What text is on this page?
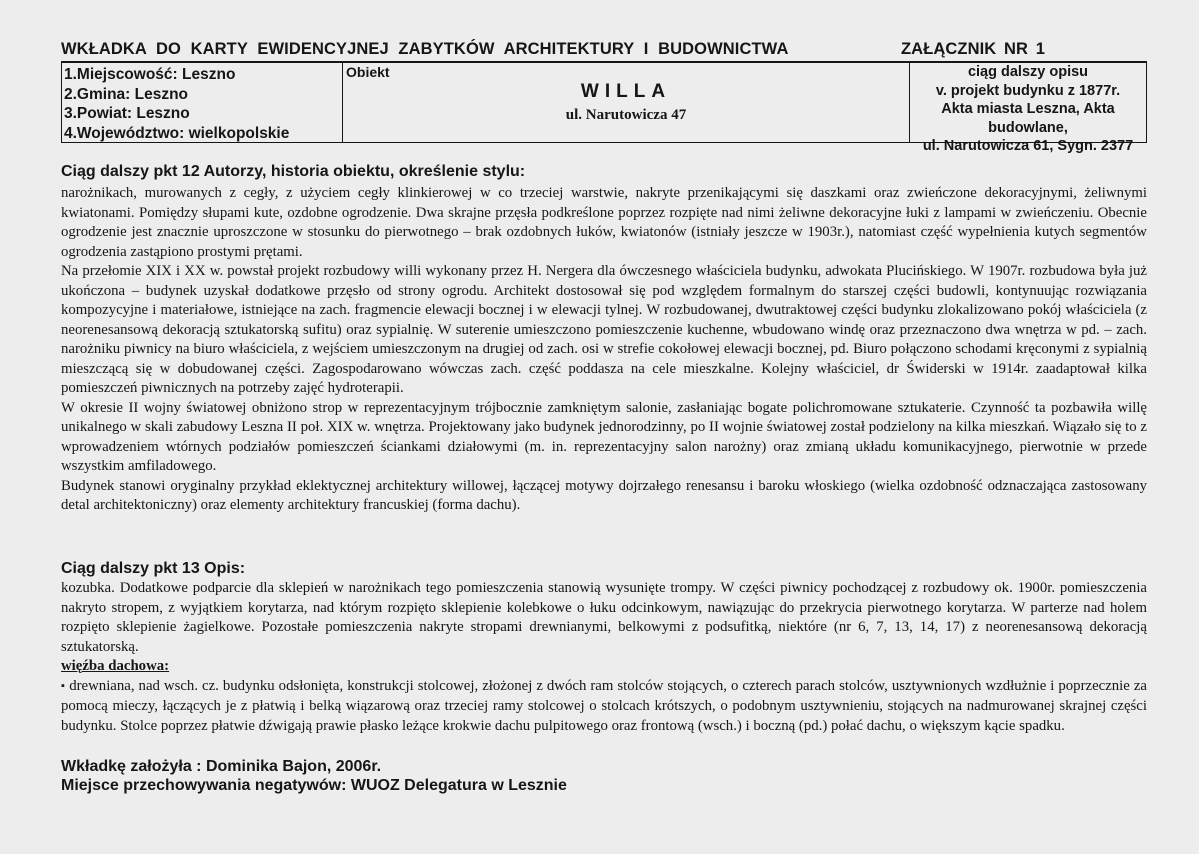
WKŁADKA DO KARTY EWIDENCYJNEJ ZABYTKÓW ARCHITEKTURY I BUDOWNICTWA	ZAŁĄCZNIK NR 1
1.Miejscowość: Leszno
2.Gmina: Leszno
3.Powiat: Leszno
4.Województwo: wielkopolskie
Obiekt
WILLA
ul. Narutowicza 47
ciąg dalszy opisu
v. projekt budynku z 1877r.
Akta miasta Leszna, Akta budowlane,
ul. Narutowicza 61, Sygn. 2377
Ciąg dalszy pkt 12 Autorzy, historia obiektu, określenie stylu:

narożnikach, murowanych z cegły, z użyciem cegły klinkierowej w co trzeciej warstwie, nakryte przenikającymi się daszkami oraz zwieńczone dekoracyjnymi, żeliwnymi kwiatonami. Pomiędzy słupami kute, ozdobne ogrodzenie. Dwa skrajne przęsła podkreślone poprzez rozpięte nad nimi żeliwne dekoracyjne łuki z lampami w zwieńczeniu. Obecnie ogrodzenie jest znacznie uproszczone w stosunku do pierwotnego – brak ozdobnych łuków, kwiatonów (istniały jeszcze w 1903r.), natomiast część wypełnienia kutych segmentów ogrodzenia zastąpiono prostymi prętami.

Na przełomie XIX i XX w. powstał projekt rozbudowy willi wykonany przez H. Nergera dla ówczesnego właściciela budynku, adwokata Plucińskiego. W 1907r. rozbudowa była już ukończona – budynek uzyskał dodatkowe przęsło od strony ogrodu. Architekt dostosował się pod względem formalnym do starszej części budowli, kontynuując rozwiązania kompozycyjne i materiałowe, istniejące na zach. fragmencie elewacji bocznej i w elewacji tylnej. W rozbudowanej, dwutraktowej części budynku zlokalizowano pokój właściciela (z neorenesansową dekoracją sztukatorską sufitu) oraz sypialnię. W suterenie umieszczono pomieszczenie kuchenne, wbudowano windę oraz przeznaczono dwa wnętrza w pd. – zach. narożniku piwnicy na biuro właściciela, z wejściem umieszczonym na drugiej od zach. osi w strefie cokołowej elewacji bocznej, pd. Biuro połączono schodami kręconymi z sypialnią mieszczącą się w dobudowanej części. Zagospodarowano wówczas zach. część poddasza na cele mieszkalne. Kolejny właściciel, dr Świderski w 1914r. zaadaptował kilka pomieszczeń piwnicznych na potrzeby zajęć hydroterapii.

W okresie II wojny światowej obniżono strop w reprezentacyjnym trójbocznie zamkniętym salonie, zasłaniając bogate polichromowane sztukaterie. Czynność ta pozbawiła willę unikalnego w skali zabudowy Leszna II poł. XIX w. wnętrza. Projektowany jako budynek jednorodzinny, po II wojnie światowej został podzielony na kilka mieszkań. Wiązało się to z wprowadzeniem wtórnych podziałów pomieszczeń ściankami działowymi (m. in. reprezentacyjny salon narożny) oraz zmianą układu komunikacyjnego, pierwotnie w przede wszystkim amfiladowego.

Budynek stanowi oryginalny przykład eklektycznej architektury willowej, łączącej motywy dojrzałego renesansu i baroku włoskiego (wielka ozdobność odznaczająca zastosowany detal architektoniczny) oraz elementy architektury francuskiej (forma dachu).

Ciąg dalszy pkt 13 Opis:

kozubka. Dodatkowe podparcie dla sklepień w narożnikach tego pomieszczenia stanowią wysunięte trompy. W części piwnicy pochodzącej z rozbudowy ok. 1900r. pomieszczenia nakryto stropem, z wyjątkiem korytarza, nad którym rozpięto sklepienie kolebkowe o łuku odcinkowym, nawiązując do przekrycia pierwotnego korytarza. W parterze nad holem rozpięto sklepienie żagielkowe. Pozostałe pomieszczenia nakryte stropami drewnianymi, belkowymi z podsufitką, niektóre (nr 6, 7, 13, 14, 17) z neorenesansową dekoracją sztukatorską.

więźba dachowa:

▪ drewniana, nad wsch. cz. budynku odsłonięta, konstrukcji stolcowej, złożonej z dwóch ram stolców stojących, o czterech parach stolców, usztywnionych wzdłużnie i poprzecznie za pomocą mieczy, łączących je z płatwią i belką wiązarową oraz trzeciej ramy stolcowej o stolcach krótszych, o podobnym usztywnieniu, stojących na nadmurowanej skrajnej części budynku. Stolce poprzez płatwie dźwigają prawie płasko leżące krokwie dachu pulpitowego oraz frontową (wsch.) i boczną (pd.) połać dachu, o większym kącie spadku.

Wkładkę założyła : Dominika Bajon, 2006r.
Miejsce przechowywania negatywów: WUOZ Delegatura w Lesznie
